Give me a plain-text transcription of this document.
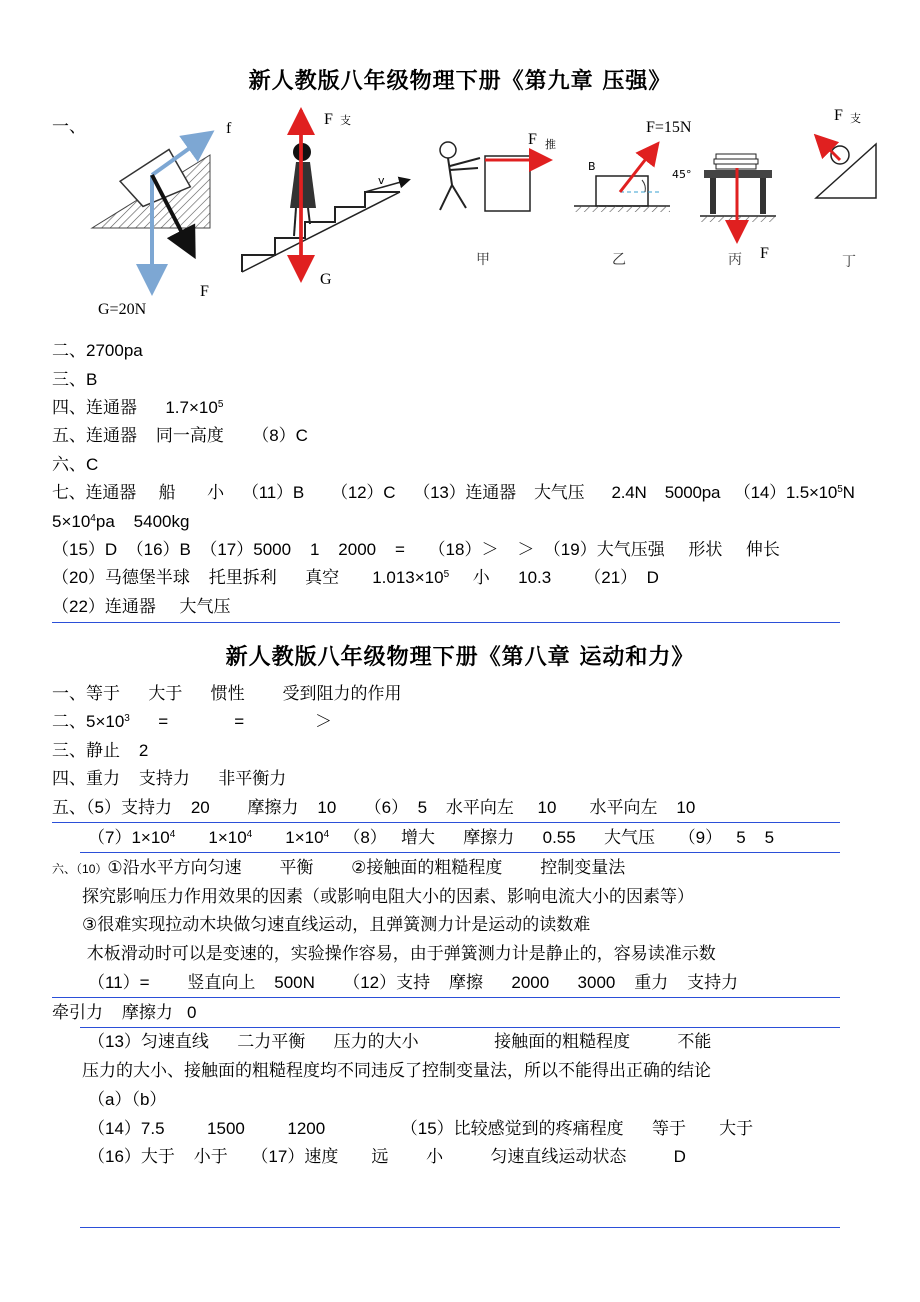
新人教版八年级物理下册《第九章 压强》
一、	f
F
G=20N
v
F 支
G
F 推
甲
B
45°
F=15N
乙	F
丙
F 支
丁
二、2700pa
三、B
四、连通器      $1.7\times 10^5$
五、连通器    同一高度      （8）C
六、C
七、连通器     船       小    （11）B      （12）C    （13）连通器    大气压      2.4N    5000pa   $(14)1.5\times 10^5N$
$5\times 10^4pa$    5400kg
（15）D  （16）B  （17）5000    1    2000    =     （18）＞    ＞  （19）大气压强     形状     伸长
（20）马德堡半球    托里拆利      真空       $1.013\times 10^5$     小      10.3       （21）  D
（22）连通器     大气压
新人教版八年级物理下册《第八章 运动和力》
一、等于      大于      惯性        受到阻力的作用
二、$5\times 10^3$      =              =               ＞
三、静止    2
四、重力    支持力      非平衡力
五、（5）支持力    20        摩擦力    10      （6）  5    水平向左     10       水平向左    10
$(7)1\times 10^4$       $1\times 10^4$       $1\times 10^4$   （8）   增大      摩擦力      0.55      大气压     （9）   5    5
六、（10）①沿水平方向匀速        平衡        ②接触面的粗糙程度        控制变量法
探究影响压力作用效果的因素（或影响电阻大小的因素、影响电流大小的因素等）
③很难实现拉动木块做匀速直线运动，且弹簧测力计是运动的读数难
木板滑动时可以是变速的，实验操作容易，由于弹簧测力计是静止的，容易读准示数
（11）=        竖直向上    500N      （12）支持    摩擦      2000      3000    重力    支持力
牵引力    摩擦力   0
（13）匀速直线      二力平衡      压力的大小                接触面的粗糙程度          不能
压力的大小、接触面的粗糙程度均不同违反了控制变量法，所以不能得出正确的结论
（a）（b）
（14）7.5         1500         1200                （15）比较感觉到的疼痛程度      等于       大于
（16）大于    小于     （17）速度       远        小          匀速直线运动状态          D
